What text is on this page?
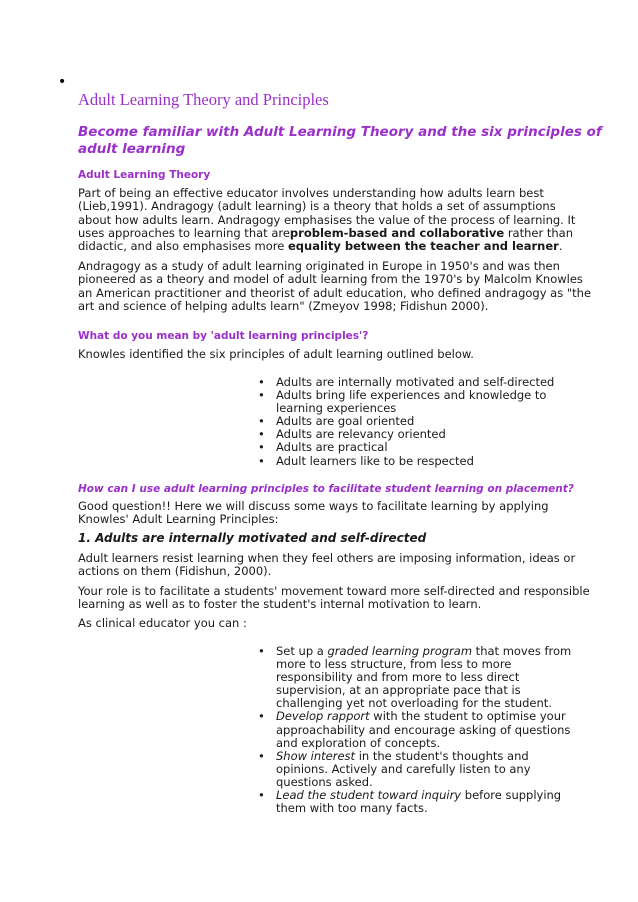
•
Adult Learning Theory and Principles
Become familiar with Adult Learning Theory and the six principles of
adult learning
Adult Learning Theory
Part of being an effective educator involves understanding how adults learn best
(Lieb,1991). Andragogy (adult learning) is a theory that holds a set of assumptions
about how adults learn. Andragogy emphasises the value of the process of learning. It
uses approaches to learning that areproblem-based and collaborative rather than
didactic, and also emphasises more equality between the teacher and learner.
Andragogy as a study of adult learning originated in Europe in 1950's and was then
pioneered as a theory and model of adult learning from the 1970's by Malcolm Knowles
an American practitioner and theorist of adult education, who defined andragogy as "the
art and science of helping adults learn" (Zmeyov 1998; Fidishun 2000).
What do you mean by 'adult learning principles'?
Knowles identified the six principles of adult learning outlined below.
• Adults are internally motivated and self-directed
• Adults bring life experiences and knowledge to
learning experiences
• Adults are goal oriented
• Adults are relevancy oriented
• Adults are practical
• Adult learners like to be respected
How can I use adult learning principles to facilitate student learning on placement?
Good question!! Here we will discuss some ways to facilitate learning by applying
Knowles' Adult Learning Principles:
1. Adults are internally motivated and self-directed
Adult learners resist learning when they feel others are imposing information, ideas or
actions on them (Fidishun, 2000).
Your role is to facilitate a students' movement toward more self-directed and responsible
learning as well as to foster the student's internal motivation to learn.
As clinical educator you can :
• Set up a graded learning program that moves from
more to less structure, from less to more
responsibility and from more to less direct
supervision, at an appropriate pace that is
challenging yet not overloading for the student.
• Develop rapport with the student to optimise your
approachability and encourage asking of questions
and exploration of concepts.
• Show interest in the student's thoughts and
opinions. Actively and carefully listen to any
questions asked.
• Lead the student toward inquiry before supplying
them with too many facts.
